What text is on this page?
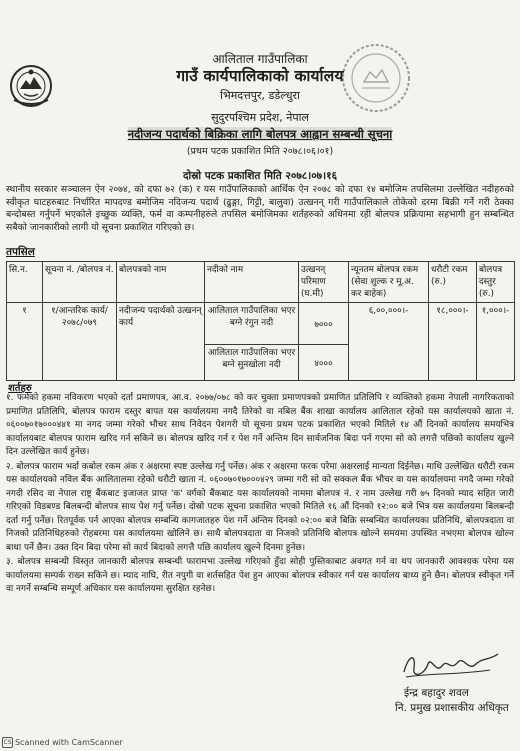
आलिताल गाउँपालिका
गाउँ कार्यपालिकाको कार्यालय
भिमदत्तपुर, डडेल्धुरा
सुदुरपश्चिम प्रदेश, नेपाल
नदीजन्य पदार्थको बिक्रिका लागि बोलपत्र आह्वान सम्बन्धी सूचना
(प्रथम पटक प्रकाशित मिति २०७८।०६।०१)
दोस्रो पटक प्रकाशित मिति २०७८।०७।१६
स्थानीय सरकार सञ्चालन ऐन २०७४, को दफा ७२ (क) र यस गाउँपालिकाको आर्थिक ऐन २०७८ को दफा १४ बमोजिम तपसिलमा उल्लेखित नदीहरुको स्वीकृत घाटहरुबाट निर्धारित मापदण्ड बमोजिम नदिजन्य पदार्थ (ढुङ्गा, गिट्टी, बालुवा) उत्खनन् गरी गाउँपालिकाले तोकेको दरमा बिक्री गर्ने गरी ठेक्का बन्दोबस्त गर्नुपर्ने भएकोले इच्छुक व्यक्ति, फर्म वा कम्पनीहरुले तपसिल बमोजिमका शर्तहरुको अधिनमा रही बोलपत्र प्रक्रियामा सहभागी हुन सम्बन्धित सबैको जानकारीको लागी यो सूचना प्रकाशित गरिएको छ।
तपसिल
सि.न.	सूचना नं. /बोलपत्र नं.	बोलपत्रको नाम	नदीको नाम	उत्खनन् परिमाण (घ.मी)	न्यूनतम बोलपत्र रकम (सेवा शुल्क र मू.अ. कर बाहेक)	धरौटी रकम (रु.)	बोलपत्र दस्तुर (रु.)
१	१/आन्तरिक कार्य/२०७८/०७९	नदीजन्य पदार्थको उत्खनन् कार्य	आलिताल गाउँपालिका भएर बग्ने रंगुन नदी	७०००	६,००,०००।-	१८,०००।-	१,०००।-
			आलिताल गाउँपालिका भएर बग्ने सुनखोला नदी	४०००			
शर्तहरु

१. फर्मको हकमा नविकरण भएको दर्ता प्रमाणपत्र, आ.व. २०७७/०७८ को कर चुक्ता प्रमाणपत्रको प्रमाणित प्रतिलिपि र व्यक्तिको हकमा नेपाली नागरिकताको प्रमाणित प्रतिलिपि, बोलपत्र फाराम दस्तुर बापत यस कार्यालयमा नगदै तिरेको वा नबिल बैंक शाखा कार्यालय आलिताल रहेको यस कार्यालयको खाता नं. ०६००७०१७०००४४१ मा नगद जम्मा गरेको भौचर साथ निवेदन पेशगरी यो सूचना प्रथम पटक प्रकाशित भएको मितिले १४ औं दिनको कार्यालय समयभित्र कार्यालयबाट बोलपत्र फाराम खरिद गर्न सकिने छ। बोलपत्र खरिद गर्न र पेश गर्ने अन्तिम दिन सार्वजनिक बिदा पर्न गएमा सो को लगत्तै पछिको कार्यालय खुल्ने दिन उल्लेखित कार्य हुनेछ।

२. बोलपत्र फाराम भर्दा कबोल रकम अंक र अक्षरमा स्पष्ट उल्लेख गर्नु पर्नेछ। अंक र अक्षरमा फरक परेमा अक्षरलाई मान्यता दिईनेछ। माथि उल्लेखित धरौटी रकम यस कार्यालयको नविल बैंक आलितालमा रहेको धरौटी खाता नं. ०६००७०१७०००४२९ जम्मा गरी सो को सक्कल बैंक भौचर वा यस कार्यालयमा नगदै जम्मा गरेको नगदी रसिद वा नेपाल राष्ट्र बैंकबाट इजाजत प्राप्त 'क' वर्गको बैंकबाट यस कार्यालयको नाममा बोलपत्र नं. र नाम उल्लेख गरी ७५ दिनको म्याद सहित जारी गरिएको विडबण्ड बिलबन्दी बोलपत्र साथ पेश गर्नु पर्नेछ। दोस्रो पटक सूचना प्रकाशित भएको मितिले १६ औं दिनको १२:०० बजे भित्र यस कार्यालयमा बिलबन्दी दर्ता गर्नु पर्नेछ। रितपूर्वक पर्न आएका बोलपत्र सम्बन्धि कागजातहरु पेश गर्ने अन्तिम दिनको ०२:०० बजे बिक्रि सम्बन्धित कार्यालयका प्रतिनिधि, बोलपत्रदाता वा निजको प्रतिनिधिहरुको रोहबरमा यस कार्यालयमा खोलिने छ। साथै बोलपत्रदाता वा निजको प्रतिनिधि बोलपत्र खोल्ने समयमा उपस्थित नभएमा बोलपत्र खोल्न बाधा पर्ने छैन। उक्त दिन बिदा परेमा सो कार्य बिदाको लगत्तै पछि कार्यालय खुल्ने दिनमा हुनेछ।

३. बोलपत्र सम्बन्धी विस्तृत जानकारी बोलपत्र सम्बन्धी फारामभा उल्लेख गरिएको हुँदा सोही पुस्तिकाबाट अवगत गर्न वा थप जानकारी आवश्यक परेमा यस कार्यालयमा सम्पर्क राख्न सकिने छ। म्याद नाघि, रीत नपुगी वा शर्तसहित पेश हुन आएका बोलपत्र स्वीकार गर्न यस कार्यालय बाध्य हुने छैन। बोलपत्र स्वीकृत गर्ने वा नगर्ने सम्बन्धि सम्पूर्ण अधिकार यस कार्यालयमा सुरक्षित रहनेछ।

ईन्द्र बहादुर शवल
नि. प्रमुख प्रशासकीय अधिकृत
CS Scanned with CamScanner
